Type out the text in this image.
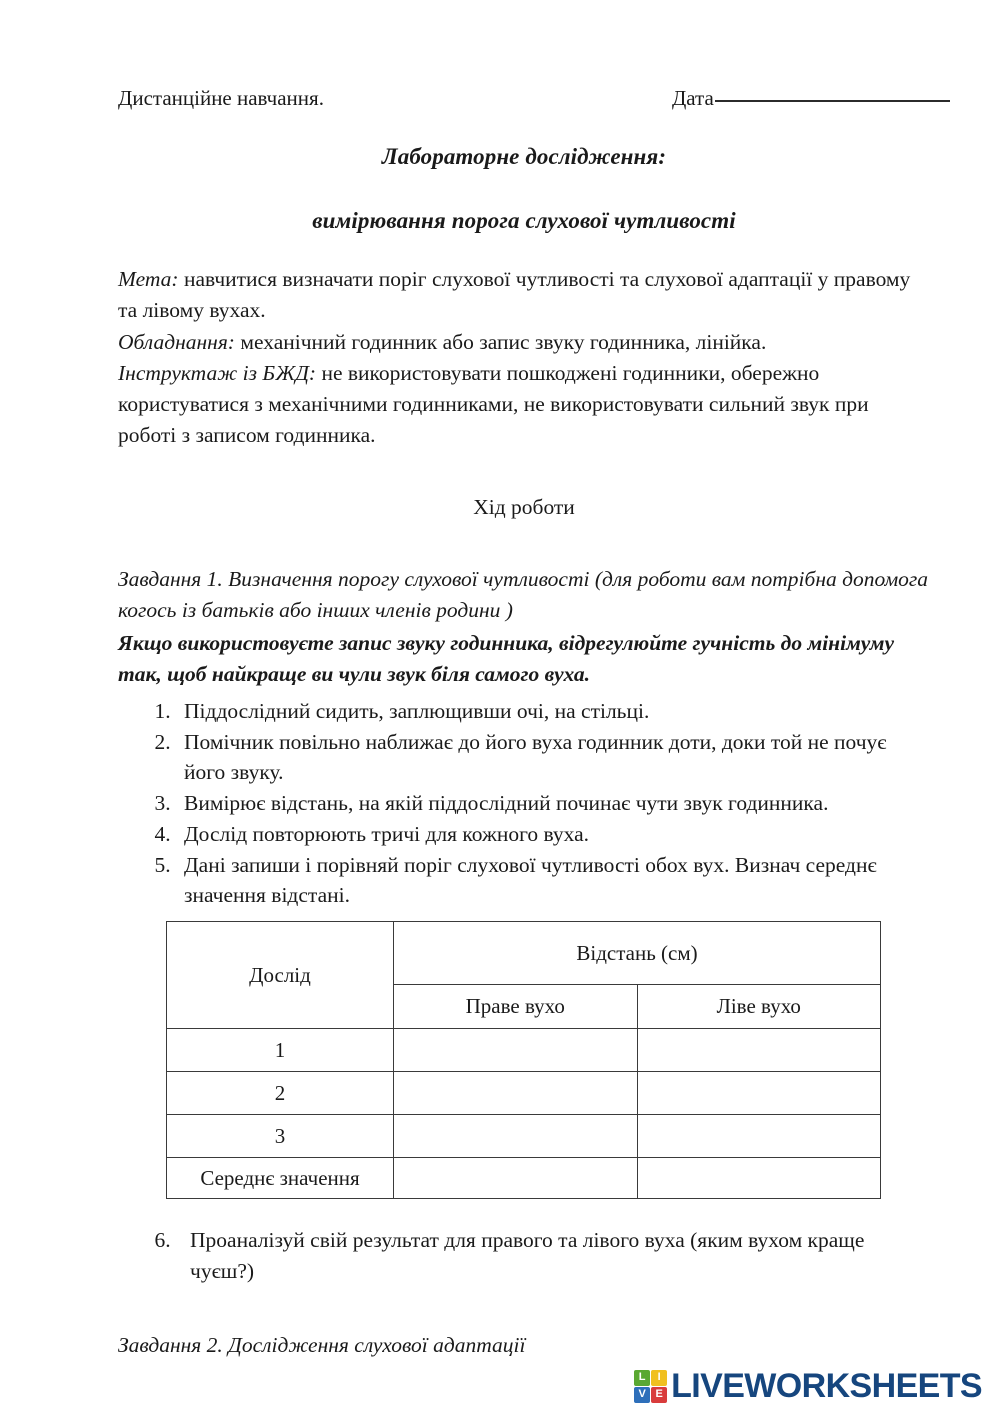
Дистанційне навчання.	Дата
Лабораторне дослідження:
вимірювання порога слухової чутливості

Мета: навчитися визначати поріг слухової чутливості та слухової адаптації у правому та лівому вухах.

Обладнання: механічний годинник або запис звуку годинника, лінійка.

Інструктаж із БЖД: не використовувати пошкоджені годинники, обережно користуватися з механічними годинниками, не використовувати сильний звук при роботі з записом годинника.

Хід роботи
Завдання 1. Визначення порогу слухової чутливості (для роботи вам потрібна допомога когось із батьків або інших членів родини )
Якщо використовуєте запис звуку годинника, відрегулюйте гучність до мінімуму так, щоб найкраще ви чули звук біля самого вуха.
1. Піддослідний сидить, заплющивши очі, на стільці.
2. Помічник повільно наближає до його вуха годинник доти, доки той не почує його звуку.
3. Вимірює відстань, на якій піддослідний починає чути звук годинника.
4. Дослід повторюють тричі для кожного вуха.
5. Дані запиши і порівняй поріг слухової чутливості обох вух. Визнач середнє значення відстані.
Дослід	Відстань (см)	
	Праве вухо	Ліве вухо
1		
2		
3		
Середнє значення		
6. Проаналізуй свій результат для правого та лівого вуха (яким вухом краще чуєш?)
Завдання 2. Дослідження слухової адаптації
L	I
V E LIVEWORKSHEETS
